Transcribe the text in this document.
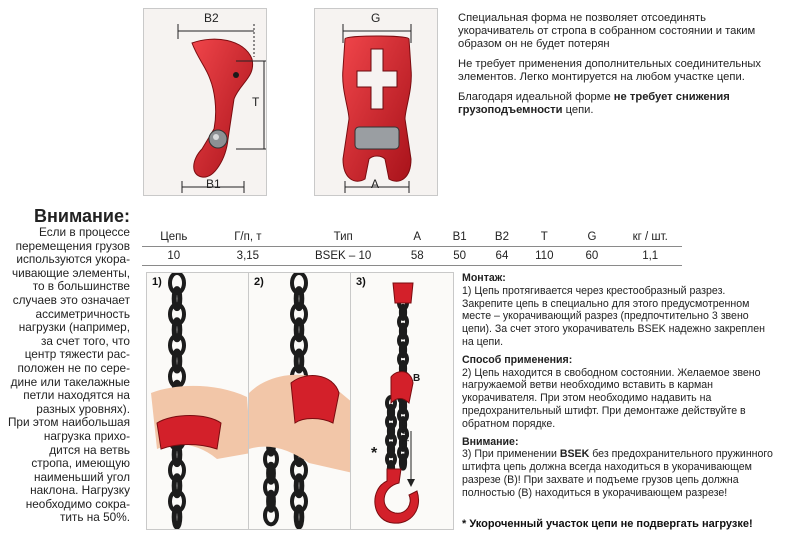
B2
T
B1
G
A

Специальная форма не позволяет отсоединять укорачиватель от стропа в собранном состоянии и таким образом он не будет потерян

Не требует применения дополнительных соединительных элементов. Легко монтируется на любом участке цепи.

Благодаря идеальной форме не требует снижения грузоподъемности цепи.

Внимание:
Если в процессе
перемещения грузов
используются укора-
чивающие элементы,
то в большинстве
случаев это означает
ассиметричность
нагрузки (например,
за счет того, что
центр тяжести рас-
положен не по сере-
дине или такелажные
петли находятся на
разных уровнях).
При этом наибольшая
нагрузка прихо-
дится на ветвь
стропа, имеющую
наименьший угол
наклона. Нагрузку
необходимо сокра-
тить на 50%.
Цепь	Г/п, т	Тип	A	B1	B2	T	G	кг / шт.
10	3,15	BSEK – 10	58	50	64	110	60	1,1
1)	2)	3)
B
* нагрузка

Монтаж:

1) Цепь протягивается через крестообразный разрез. Закрепите цепь в специально для этого предусмотренном месте – укорачивающий разрез (предпочтительно 3 звено цепи). За счет этого укорачиватель BSEK надежно закреплен на цепи.

Способ применения:

2) Цепь находится в свободном состоянии. Желаемое звено нагружаемой ветви необходимо вставить в карман укорачивателя. При этом необходимо надавить на предохранительный штифт. При демонтаже действуйте в обратном порядке.

Внимание:

3) При применении BSEK без предохранительного пружинного штифта цепь должна всегда находиться в укорачивающем разрезе (B)! При захвате и подъеме грузов цепь должна полностью (B) находиться в укорачивающем разрезе!

* Укороченный участок цепи не подвергать нагрузке!
